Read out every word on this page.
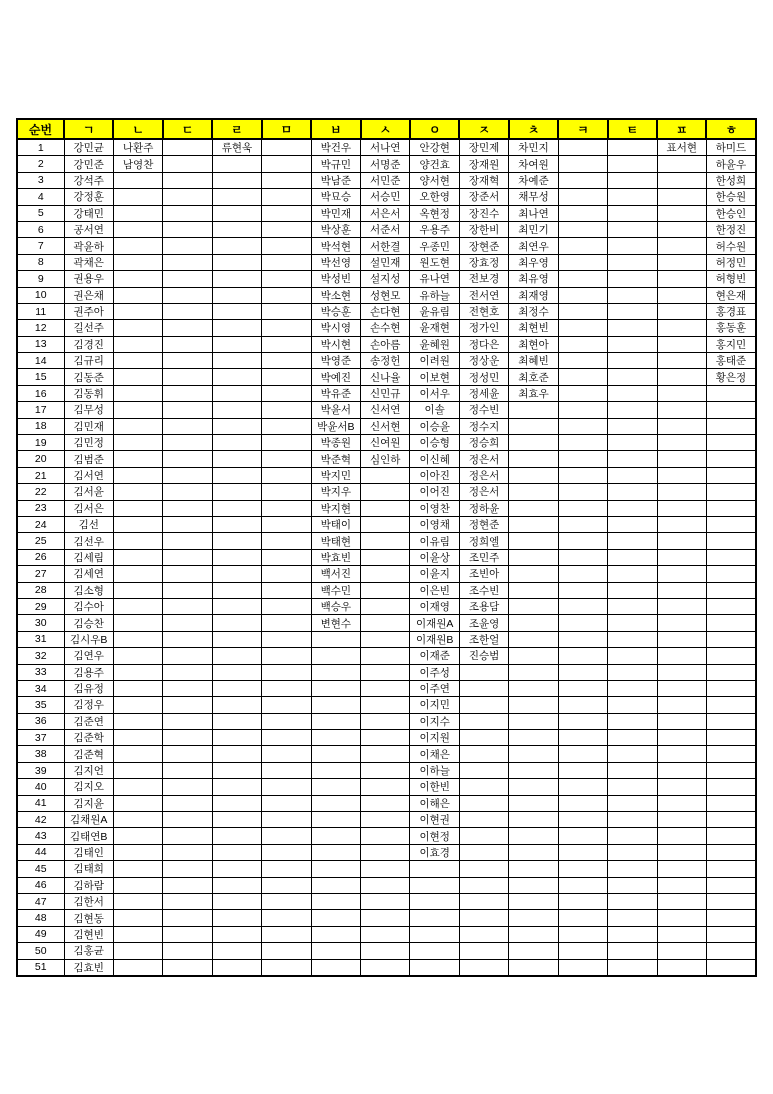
순번	ㄱ	ㄴ	ㄷ	ㄹ	ㅁ	ㅂ	ㅅ	ㅇ	ㅈ	ㅊ	ㅋ	ㅌ	ㅍ	ㅎ
1	강민균	나환주		류현욱		박건우	서나연	안강현	장민제	차민지			표서현	하미드
2	강민준	남영찬				박규민	서명준	양건효	장재원	차여원				하윤우
3	강석주					박남준	서민준	양서현	장재혁	차예준				한성희
4	강정훈					박묘승	서승민	오한영	장준서	채무성				한승원
5	강태민					박민재	서은서	옥현정	장진수	최나연				한승인
6	공서연					박상훈	서준서	우용주	장한비	최민기				한정진
7	곽윤하					박석현	서한결	우종민	장현준	최연우				허수원
8	곽채은					박선영	설민재	원도현	장효정	최우영				허정민
9	권용우					박성빈	설지성	유나연	전보경	최유영				허형빈
10	권은채					박소현	성현모	유하늘	전서연	최재영				현은재
11	권주아					박승훈	손다현	윤유림	전현호	최정수				홍경표
12	길선주					박시영	손수현	윤재현	정가인	최현빈				홍동훈
13	김경진					박시현	손아름	윤혜원	정다은	최현아				홍지민
14	김규리					박영준	송정헌	이려원	정상운	최혜빈				홍태준
15	김동준					박예진	신나율	이보현	정성민	최호준				황은정
16	김동휘					박유준	신민규	이서우	정세윤	최효우				
17	김무성					박윤서	신서연	이솔	정수빈					
18	김민재					박윤서B	신서현	이승윤	정수지					
19	김민정					박종원	신여원	이승형	정승희					
20	김범준					박준혁	심인하	이신혜	정은서					
21	김서연					박지민		이아진	정은서					
22	김서윤					박지우		이어진	정은서					
23	김서은					박지현		이영찬	정하윤					
24	김선					박태이		이영채	정현준					
25	김선우					박태현		이유림	정희엘					
26	김세림					박효빈		이윤상	조민주					
27	김세연					백서진		이윤지	조빈아					
28	김소형					백수민		이은빈	조수빈					
29	김수아					백승우		이재영	조용담					
30	김승찬					변현수		이재원A	조윤영					
31	김시우B							이재원B	조한얼					
32	김연우							이재준	진승범					
33	김용주							이주성						
34	김유정							이주연						
35	김정우							이지민						
36	김준연							이지수						
37	김준학							이지원						
38	김준혁							이채은						
39	김지언							이하늘						
40	김지오							이한빈						
41	김지윤							이해은						
42	김채원A							이현권						
43	김태연B							이현정						
44	김태인							이효경						
45	김태희													
46	김하람													
47	김한서													
48	김현동													
49	김현빈													
50	김홍균													
51	김효빈													
